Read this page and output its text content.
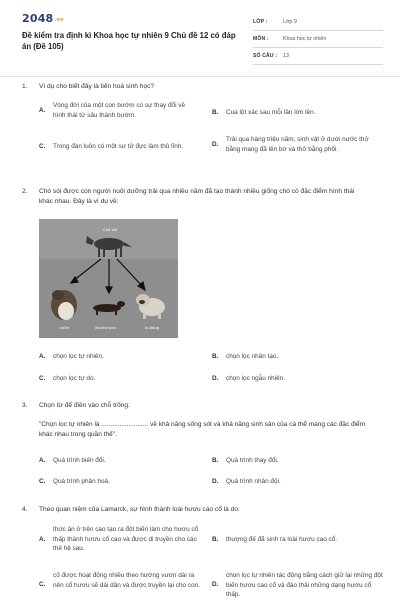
2048.vn
Đề kiểm tra định kì Khoa học tự nhiên 9 Chủ đề 12 có đáp án (Đề 105)
LỚP :	Lớp 9
MÔN :	Khoa học tự nhiên
SỐ CÂU :	13
1.	Ví dụ cho biết đây là tiến hoá sinh học?
A.
Vòng đời của một con bướm có sự thay đổi về hình thái từ sâu thành bướm.	B.	Cua lột xác sau mỗi lần lớn lên.
C.	Trong đàn luôn có một sư tử đực làm thủ lĩnh.	D.
Trải qua hàng triệu năm, sinh vật ở dưới nước thở bằng mang đã lên bờ và thở bằng phổi.
2.	Chó sói được con người nuôi dưỡng trải qua nhiều năm đã tạo thành nhiều giống chó có đặc điểm hình thái khác nhau. Đây là ví dụ về:
Chó sói
collie	dachshund	bulldog
A.	chọn lọc tự nhiên.	B.	chọn lọc nhân tạo.
C.	chọn lọc tự do.	D.	chọn lọc ngẫu nhiên.
3.	Chọn từ để điền vào chỗ trống:
"Chọn lọc tự nhiên là .......................... về khả năng sống sót và khả năng sinh sản của cá thể mang các đặc điểm khác nhau trong quần thể".
A.	Quá trình biến đổi.	B.	Quá trình thay đổi.
C.	Quá trình phân hoá.	D.	Quá trình nhân đội.
4.	Theo quan niệm của Lamarck, sự hình thành loài hươu cao cổ là do:
A.
thức ăn ở trên cao tạo ra đột biến làm cho hươu cổ thấp thành hươu cổ cao và được di truyền cho các thế hệ sau.
B.	thượng đế đã sinh ra loài hươu cao cổ.
C.
cố được hoạt động nhiều theo hướng vươn dài ra nên cổ hươu sẽ dài dần và được truyền lại cho con.	D.
chọn lọc tự nhiên tác động bằng cách giữ lại những đột biến hươu cao cổ và đào thải những dạng hươu cổ thấp.
